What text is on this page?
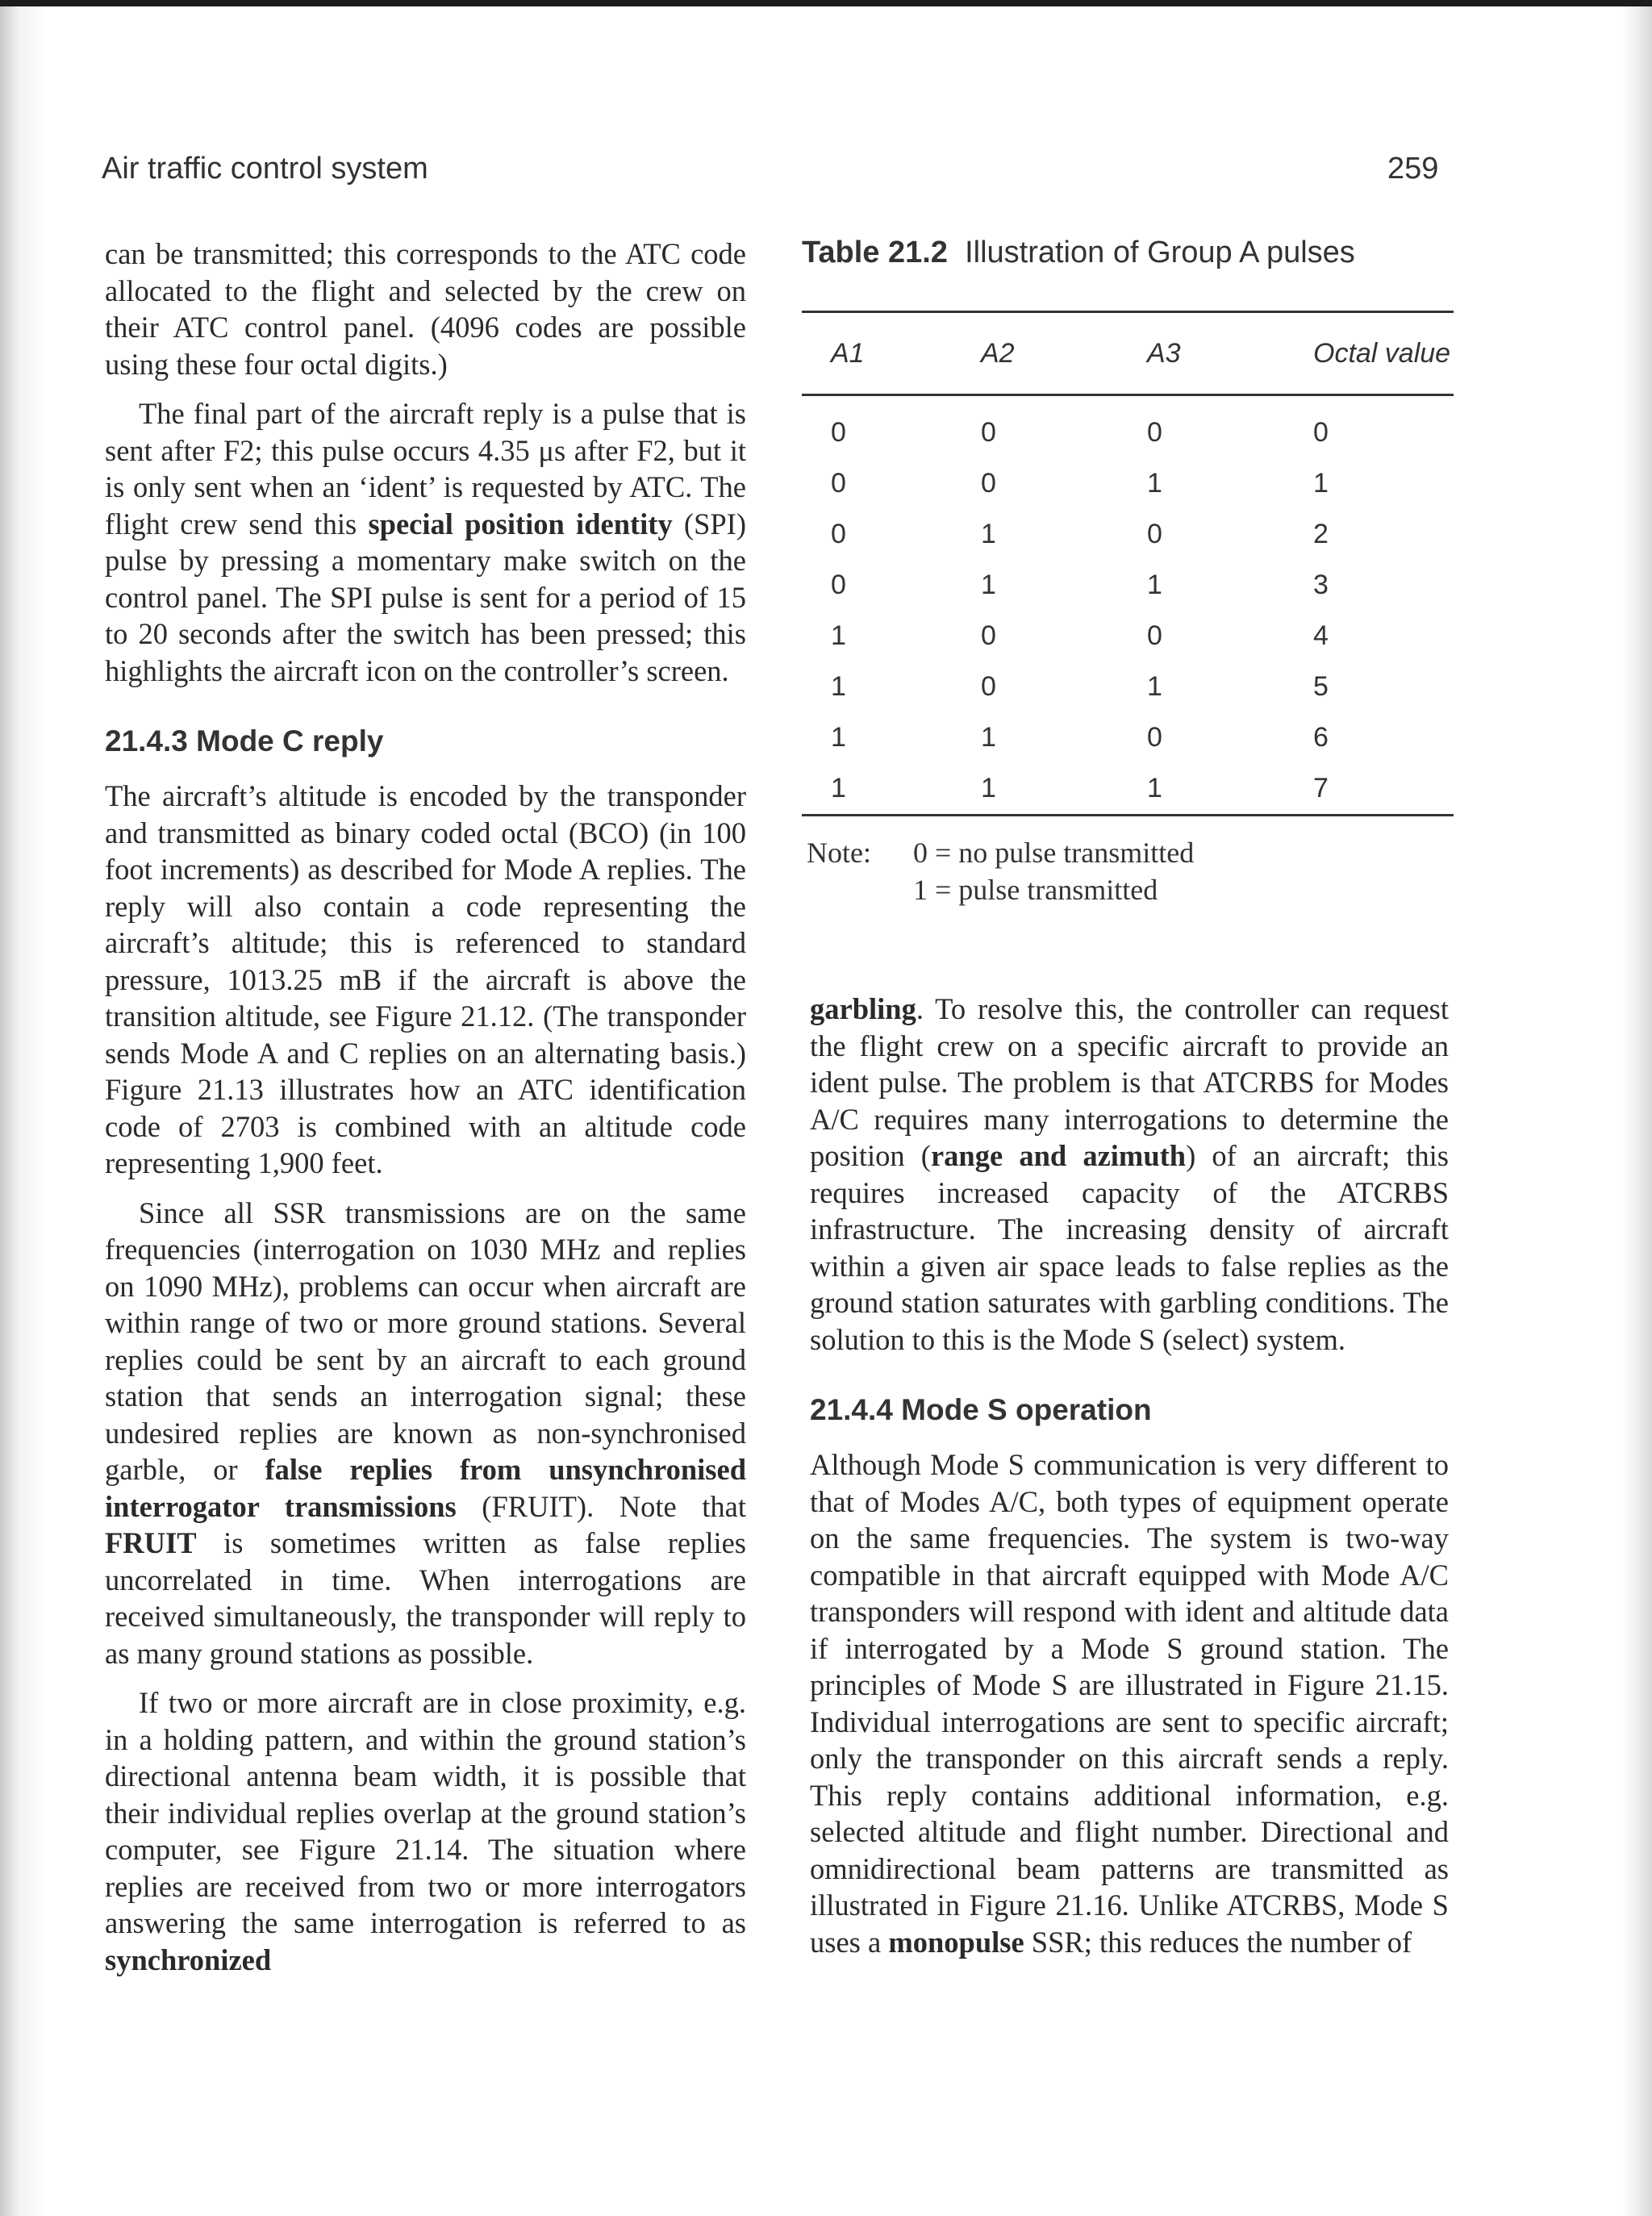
Air traffic control system	259

can be transmitted; this corresponds to the ATC code allocated to the flight and selected by the crew on their ATC control panel. (4096 codes are possible using these four octal digits.)

The final part of the aircraft reply is a pulse that is sent after F2; this pulse occurs 4.35 μs after F2, but it is only sent when an ‘ident’ is requested by ATC. The flight crew send this special position identity (SPI) pulse by pressing a momentary make switch on the control panel. The SPI pulse is sent for a period of 15 to 20 seconds after the switch has been pressed; this highlights the aircraft icon on the controller’s screen.

21.4.3 Mode C reply

The aircraft’s altitude is encoded by the transponder and transmitted as binary coded octal (BCO) (in 100 foot increments) as described for Mode A replies. The reply will also contain a code representing the aircraft’s altitude; this is referenced to standard pressure, 1013.25 mB if the aircraft is above the transition altitude, see Figure 21.12. (The transponder sends Mode A and C replies on an alternating basis.) Figure 21.13 illustrates how an ATC identification code of 2703 is combined with an altitude code representing 1,900 feet.

Since all SSR transmissions are on the same frequencies (interrogation on 1030 MHz and replies on 1090 MHz), problems can occur when aircraft are within range of two or more ground stations. Several replies could be sent by an aircraft to each ground station that sends an interrogation signal; these undesired replies are known as non-synchronised garble, or false replies from unsynchronised interrogator transmissions (FRUIT). Note that FRUIT is sometimes written as false replies uncorrelated in time. When interrogations are received simultaneously, the transponder will reply to as many ground stations as possible.

If two or more aircraft are in close proximity, e.g. in a holding pattern, and within the ground station’s directional antenna beam width, it is possible that their individual replies overlap at the ground station’s computer, see Figure 21.14. The situation where replies are received from two or more interrogators answering the same interrogation is referred to as synchronized

Table 21.2 Illustration of Group A pulses
A1	A2	A3	Octal value
0	0	0	0
0	0	1	1
0	1	0	2
0	1	1	3
1	0	0	4
1	0	1	5
1	1	0	6
1	1	1	7
Note:	0 = no pulse transmitted
1 = pulse transmitted

garbling. To resolve this, the controller can request the flight crew on a specific aircraft to provide an ident pulse. The problem is that ATCRBS for Modes A/C requires many interrogations to determine the position (range and azimuth) of an aircraft; this requires increased capacity of the ATCRBS infrastructure. The increasing density of aircraft within a given air space leads to false replies as the ground station saturates with garbling conditions. The solution to this is the Mode S (select) system.

21.4.4 Mode S operation

Although Mode S communication is very different to that of Modes A/C, both types of equipment operate on the same frequencies. The system is two-way compatible in that aircraft equipped with Mode A/C transponders will respond with ident and altitude data if interrogated by a Mode S ground station. The principles of Mode S are illustrated in Figure 21.15. Individual interrogations are sent to specific aircraft; only the transponder on this aircraft sends a reply. This reply contains additional information, e.g. selected altitude and flight number. Directional and omnidirectional beam patterns are transmitted as illustrated in Figure 21.16. Unlike ATCRBS, Mode S uses a monopulse SSR; this reduces the number of
